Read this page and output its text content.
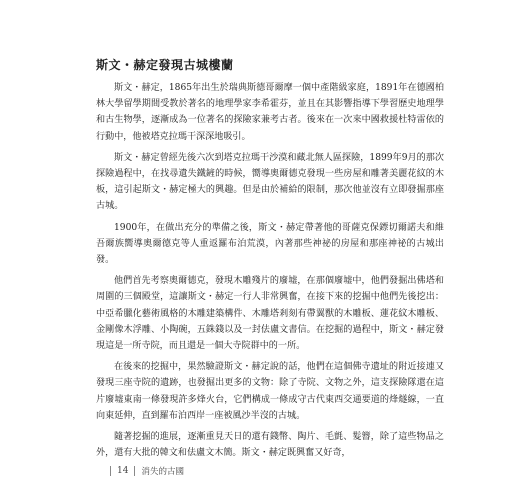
斯文・赫定發現古城樓蘭

斯文・赫定，1865年出生於瑞典斯德哥爾摩一個中產階級家庭，1891年在德國柏林大學留學期間受教於著名的地理學家李希霍芬，並且在其影響指導下學習歷史地理學和古生物學，逐漸成為一位著名的探險家兼考古者。後來在一次來中國救援杜特雷依的行動中，他被塔克拉瑪干深深地吸引。

斯文・赫定曾經先後六次到塔克拉瑪干沙漠和藏北無人區探險，1899年9月的那次探險過程中，在找尋遺失鐵鏟的時候，嚮導奧爾德克發現一些房屋和雕著美麗花紋的木板，這引起斯文・赫定極大的興趣。但是由於補給的限制，那次他並沒有立即發掘那座古城。

1900年，在做出充分的準備之後，斯文・赫定帶著他的哥薩克保鏢切爾諾夫和維吾爾族嚮導奧爾德克等人重返羅布泊荒漠，內著那些神祕的房屋和那座神祕的古城出發。

他們首先考察奧爾德克，發現木雕殘片的廢墟，在那個廢墟中，他們發掘出佛塔和周圍的三個殿堂，這讓斯文・赫定一行人非常興奮，在接下來的挖掘中他們先後挖出：中亞希臘化藝術風格的木雕建築構件、木雕塔剎刻有帶翼獸的木雕板、蓮花紋木雕板、金剛像木浮雕、小陶碗，五銖錢以及一封佉盧文書信。在挖掘的過程中，斯文・赫定發現這是一所寺院，而且還是一個大寺院群中的一所。

在後來的挖掘中，果然驗證斯文・赫定說的話，他們在這個佛寺遺址的附近接連又發現三座寺院的遺跡，也發掘出更多的文物：除了寺院、文物之外，這支探險隊還在這片廢墟東南一條發現許多烽火台，它們構成一條成守古代東西交通要道的烽燧線，一直向東延伸，直到羅布泊西岸一座被風沙半沒的古城。

隨著挖掘的進展，逐漸重見天日的還有錢幣、陶片、毛氈、髮簪，除了這些物品之外，還有大批的韓文和佉盧文木簡。斯文・赫定既興奮又好奇，

14 消失的古國
